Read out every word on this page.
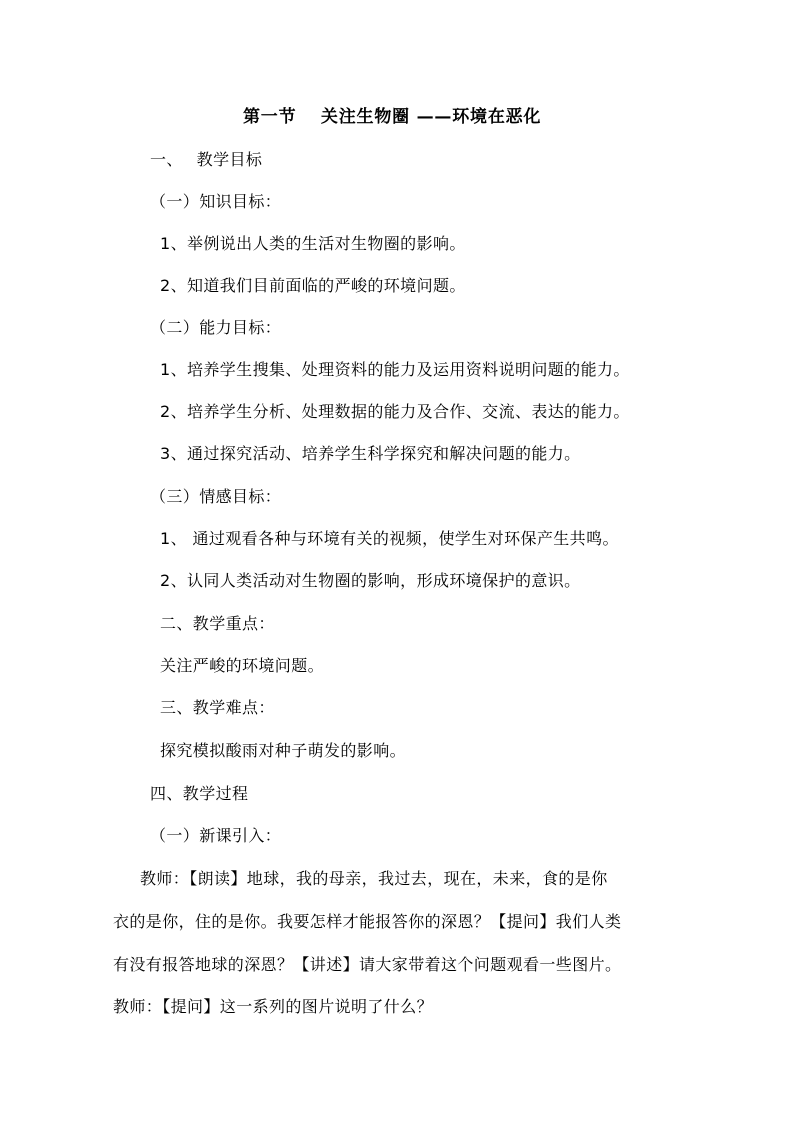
第一节　 关注生物圈 ——环境在恶化
一、　 教学目标
（一）知识目标：
1、举例说出人类的生活对生物圈的影响。
2、知道我们目前面临的严峻的环境问题。
（二）能力目标：
1、培养学生搜集、处理资料的能力及运用资料说明问题的能力。
2、培养学生分析、处理数据的能力及合作、交流、表达的能力。
3、通过探究活动、培养学生科学探究和解决问题的能力。
（三）情感目标：
1、 通过观看各种与环境有关的视频，使学生对环保产生共鸣。
2、认同人类活动对生物圈的影响，形成环境保护的意识。
二、教学重点：
关注严峻的环境问题。
三、教学难点：
探究模拟酸雨对种子萌发的影响。
四、教学过程
（一）新课引入：
教师：【朗读】地球，我的母亲，我过去，现在，未来，食的是你
衣的是你，住的是你。我要怎样才能报答你的深恩？【提问】我们人类
有没有报答地球的深恩？【讲述】请大家带着这个问题观看一些图片。
教师：【提问】这一系列的图片说明了什么？
